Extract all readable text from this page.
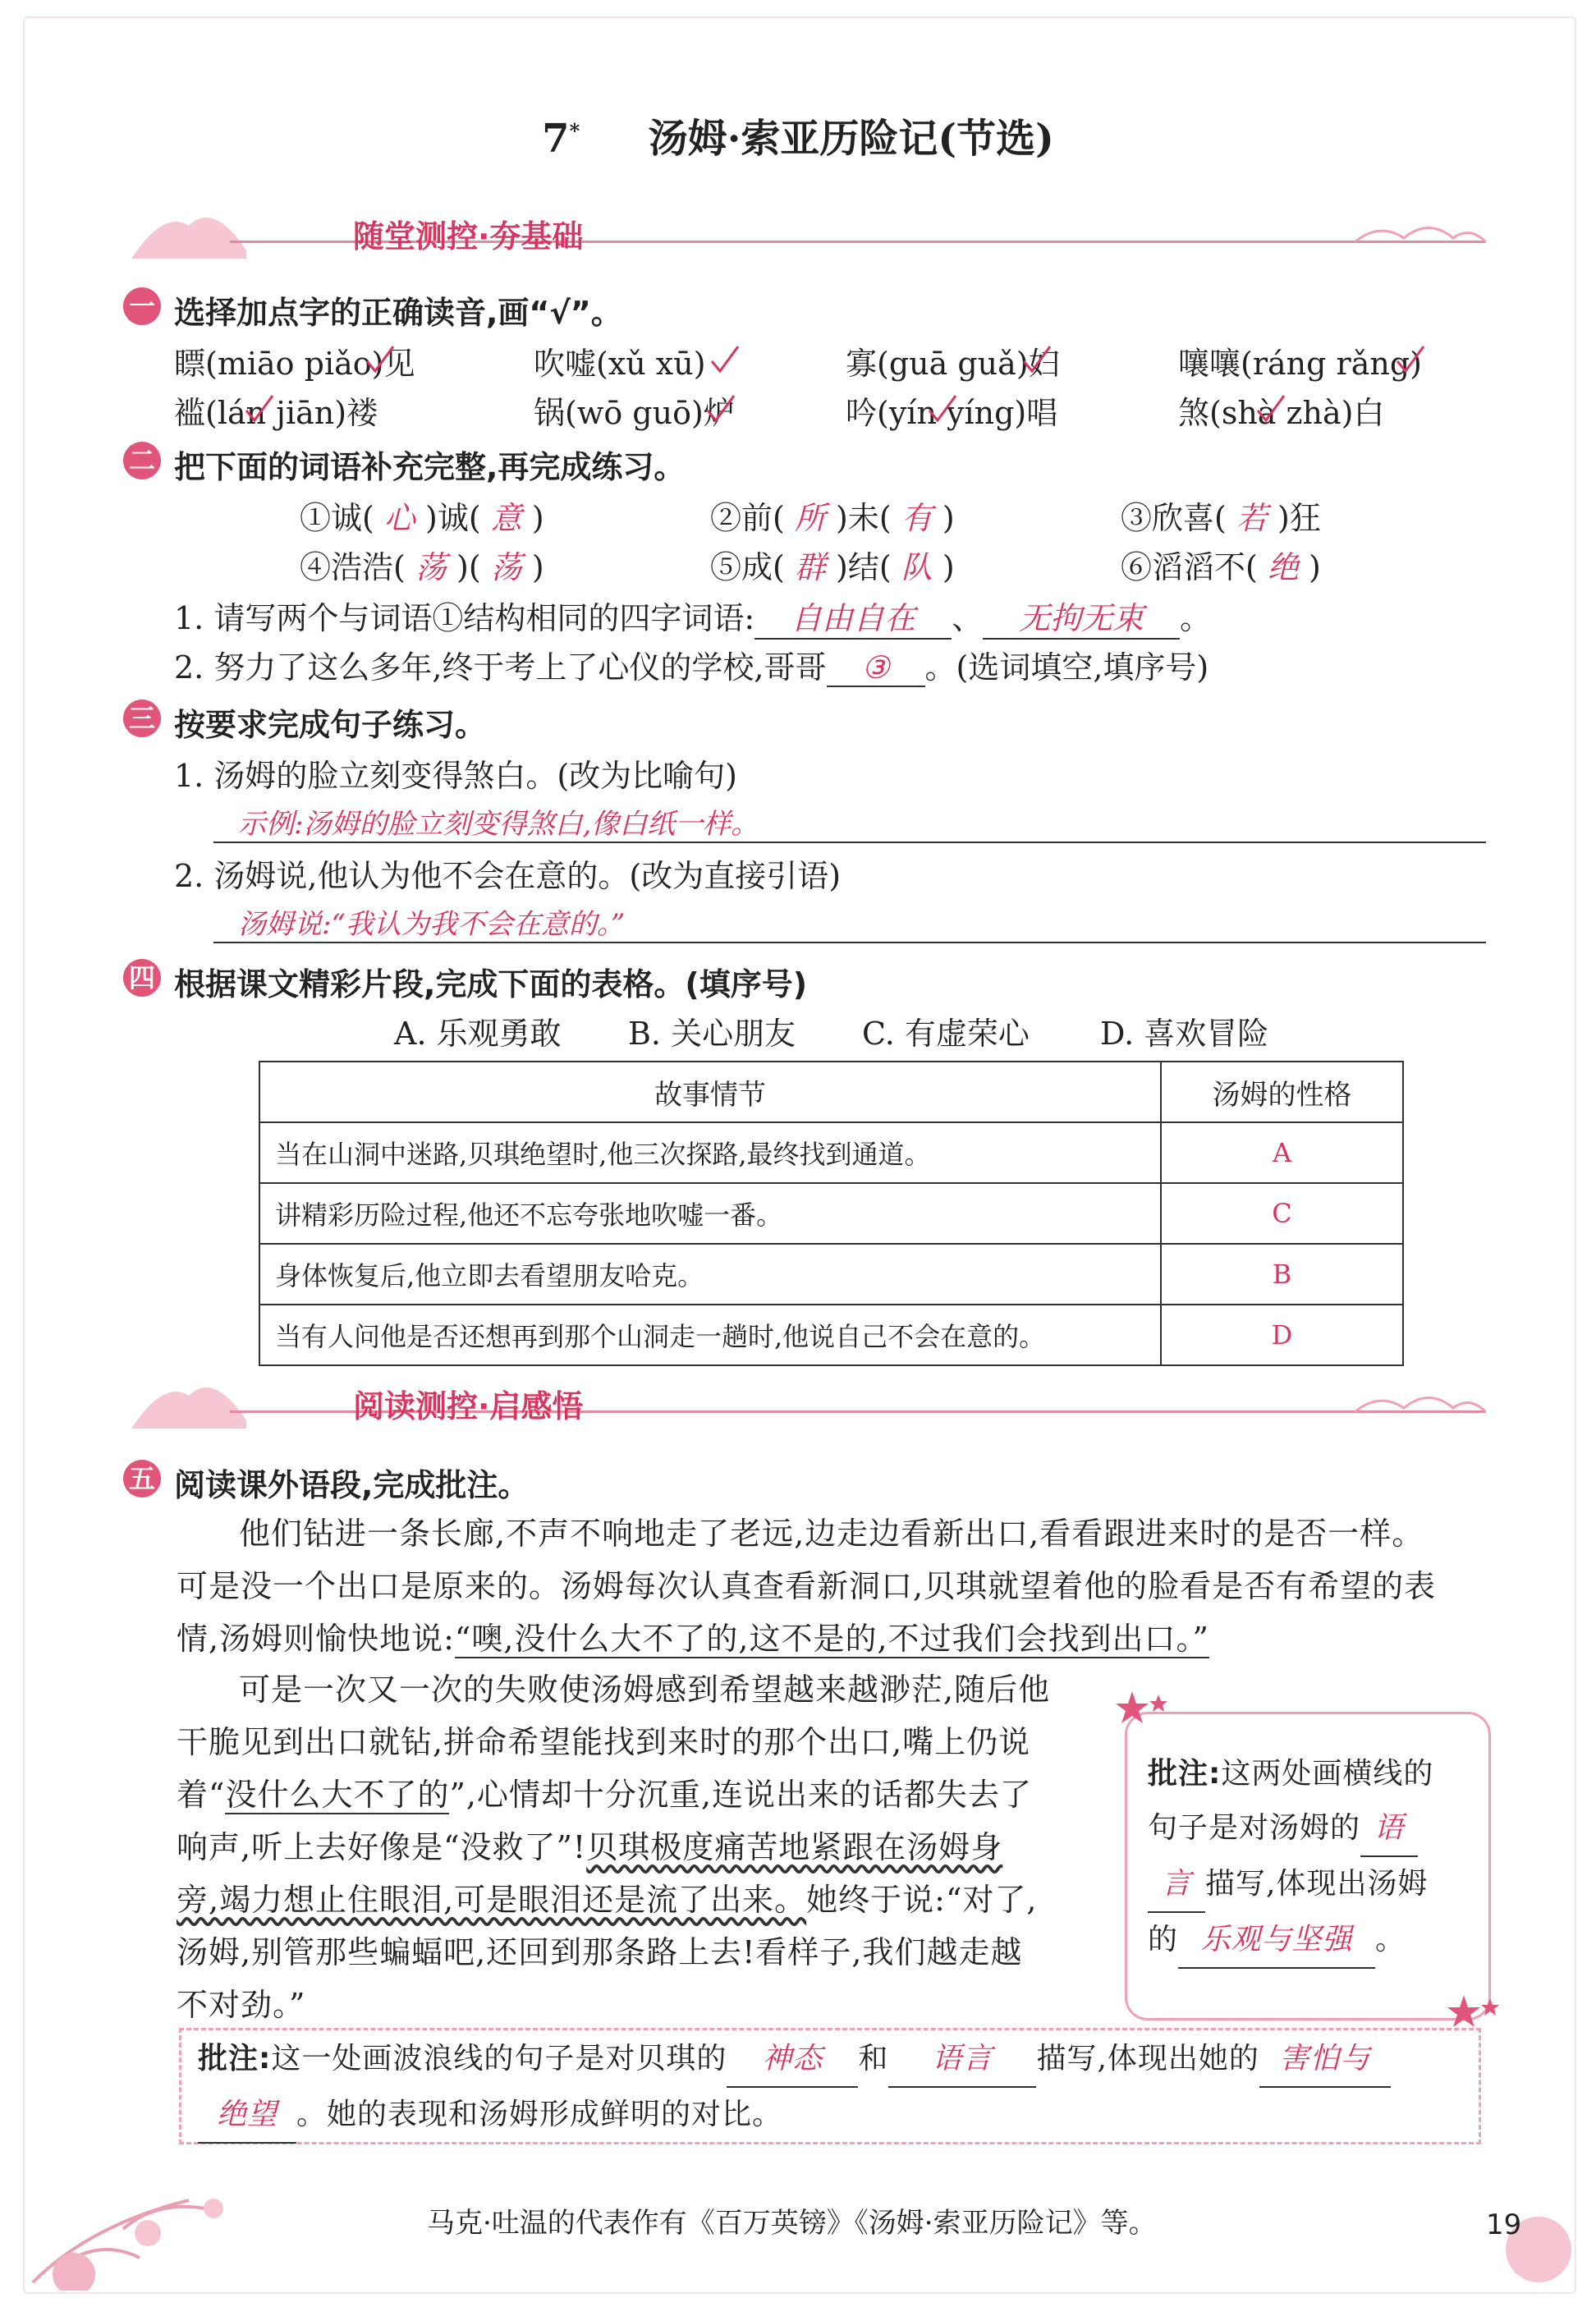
7* 汤姆·索亚历险记(节选)
随堂测控·夯基础
一 选择加点字的正确读音,画“√”。
瞟(miāo piǎo)见	吹嘘(xǔ xū)	寡(guā guǎ)妇	嚷嚷(ráng rǎng)
褴(lán jiān)褛	锅(wō guō)炉	吟(yín yíng)唱	煞(shà zhà)白
二 把下面的词语补充完整,再完成练习。
①诚( 心 )诚( 意 )	②前( 所 )未( 有 )	③欣喜( 若 )狂
④浩浩( 荡 )( 荡 )	⑤成( 群 )结( 队 )	⑥滔滔不( 绝 )
1. 请写两个与词语①结构相同的四字词语: 自由自在 、 无拘无束 。
2. 努力了这么多年,终于考上了心仪的学校,哥哥 ③ 。(选词填空,填序号)
三 按要求完成句子练习。
1. 汤姆的脸立刻变得煞白。(改为比喻句)
示例:汤姆的脸立刻变得煞白,像白纸一样。
2. 汤姆说,他认为他不会在意的。(改为直接引语)
汤姆说:“我认为我不会在意的。”
四 根据课文精彩片段,完成下面的表格。(填序号)
A. 乐观勇敢 B. 关心朋友 C. 有虚荣心 D. 喜欢冒险
故事情节	汤姆的性格
当在山洞中迷路,贝琪绝望时,他三次探路,最终找到通道。	A
讲精彩历险过程,他还不忘夸张地吹嘘一番。	C
身体恢复后,他立即去看望朋友哈克。	B
当有人问他是否还想再到那个山洞走一趟时,他说自己不会在意的。	D
阅读测控·启感悟
五 阅读课外语段,完成批注。
他们钻进一条长廊,不声不响地走了老远,边走边看新出口,看看跟进来时的是否一样。
可是没一个出口是原来的。汤姆每次认真查看新洞口,贝琪就望着他的脸看是否有希望的表
情,汤姆则愉快地说:“噢,没什么大不了的,这不是的,不过我们会找到出口。”
可是一次又一次的失败使汤姆感到希望越来越渺茫,随后他
干脆见到出口就钻,拼命希望能找到来时的那个出口,嘴上仍说
着“没什么大不了的”,心情却十分沉重,连说出来的话都失去了
响声,听上去好像是“没救了”!贝琪极度痛苦地紧跟在汤姆身
旁,竭力想止住眼泪,可是眼泪还是流了出来。她终于说:“对了,
汤姆,别管那些蝙蝠吧,还回到那条路上去!看样子,我们越走越
不对劲。”
批注:这两处画横线的
句子是对汤姆的 语
言 描写,体现出汤姆
的 乐观与坚强 。
批注:这一处画波浪线的句子是对贝琪的 神态 和 语言 描写,体现出她的 害怕与
绝望 。她的表现和汤姆形成鲜明的对比。
马克·吐温的代表作有《百万英镑》《汤姆·索亚历险记》等。	19
